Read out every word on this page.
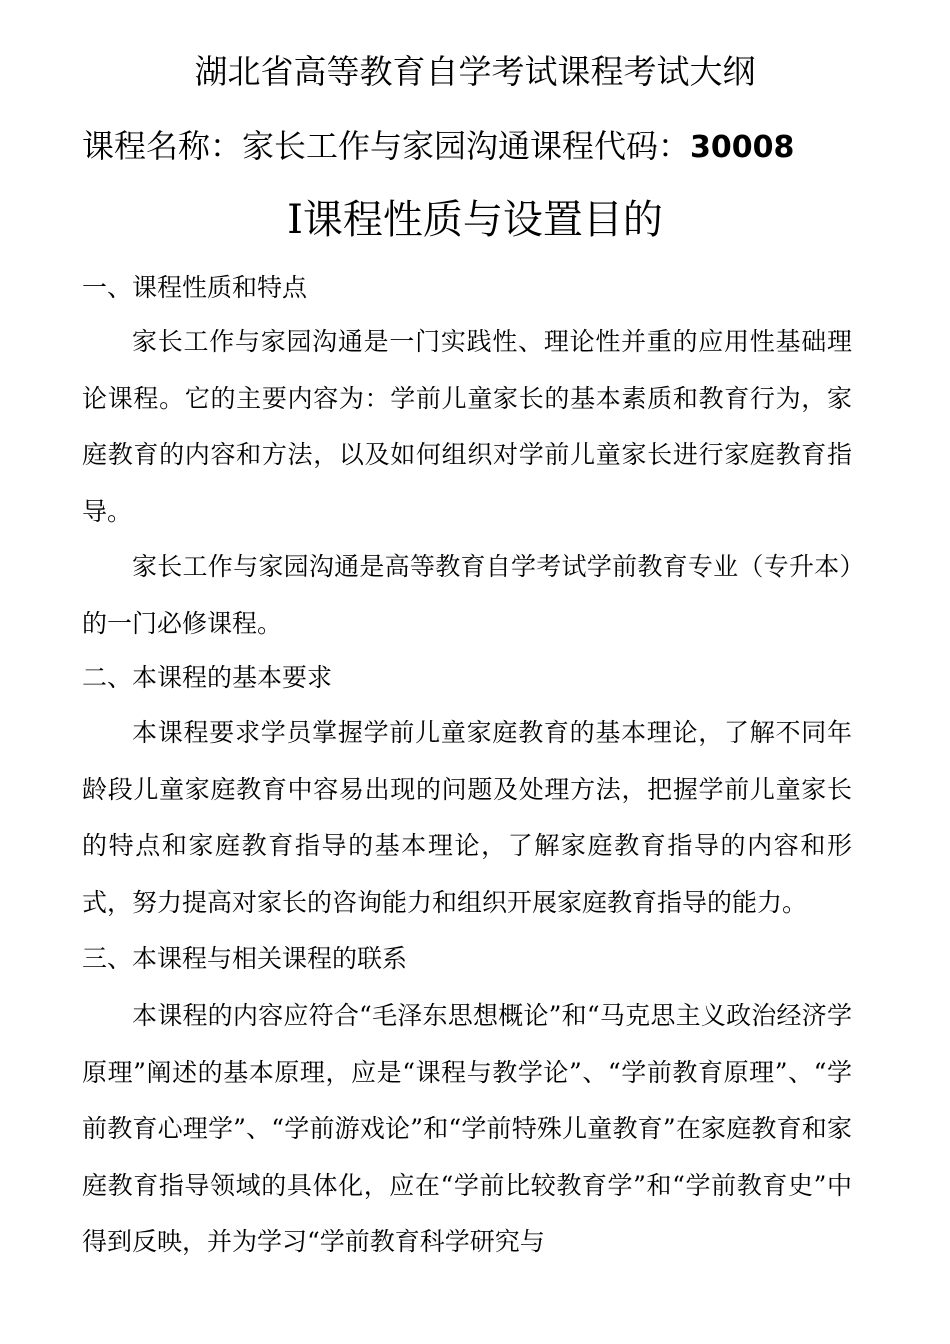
湖北省高等教育自学考试课程考试大纲
课程名称：家长工作与家园沟通课程代码：30008
I课程性质与设置目的
一、课程性质和特点

家长工作与家园沟通是一门实践性、理论性并重的应用性基础理论课程。它的主要内容为：学前儿童家长的基本素质和教育行为，家庭教育的内容和方法，以及如何组织对学前儿童家长进行家庭教育指导。

家长工作与家园沟通是高等教育自学考试学前教育专业（专升本）的一门必修课程。

二、本课程的基本要求

本课程要求学员掌握学前儿童家庭教育的基本理论，了解不同年龄段儿童家庭教育中容易出现的问题及处理方法，把握学前儿童家长的特点和家庭教育指导的基本理论，了解家庭教育指导的内容和形式，努力提高对家长的咨询能力和组织开展家庭教育指导的能力。

三、本课程与相关课程的联系

本课程的内容应符合“毛泽东思想概论”和“马克思主义政治经济学原理”阐述的基本原理，应是“课程与教学论”、“学前教育原理”、“学前教育心理学”、“学前游戏论”和“学前特殊儿童教育”在家庭教育和家庭教育指导领域的具体化，应在“学前比较教育学”和“学前教育史”中得到反映，并为学习“学前教育科学研究与
